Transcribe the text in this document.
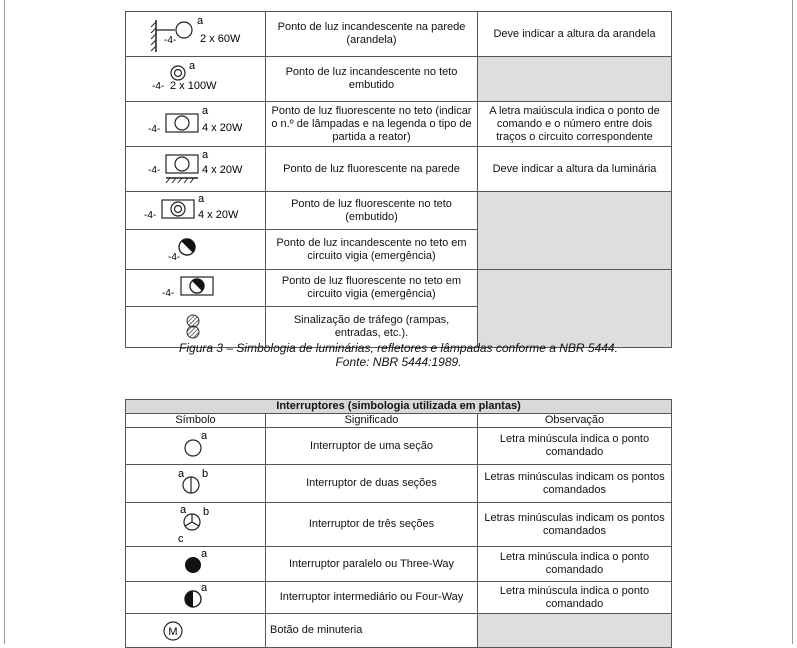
a
-4- 2 x 60W	Ponto de luz incandescente na parede (arandela)	Deve indicar a altura da arandela

a
-4- 2 x 100W	Ponto de luz incandescente no teto embutido	

a
-4- 4 x 20W	Ponto de luz fluorescente no teto (indicar o n.º de lâmpadas e na legenda o tipo de partida a reator)	A letra maiúscula indica o ponto de comando e o número entre dois traços o circuito correspondente

a
-4- 4 x 20W	Ponto de luz fluorescente na parede	Deve indicar a altura da luminária

a
-4- 4 x 20W	Ponto de luz fluorescente no teto (embutido)	

-4-	Ponto de luz incandescente no teto em circuito vigia (emergência)	

-4-	Ponto de luz fluorescente no teto em circuito vigia (emergência)	

	Sinalização de tráfego (rampas, entradas, etc.).	
Figura 3 – Simbologia de luminárias, refletores e lâmpadas conforme a NBR 5444.
Fonte: NBR 5444:1989.
Interruptores (simbologia utilizada em plantas)		
Símbolo	Significado	Observação

a	Interruptor de uma seção	Letra minúscula indica o ponto comandado

a b	Interruptor de duas seções	Letras minúsculas indicam os pontos comandados

a b
c	Interruptor de três seções	Letras minúsculas indicam os pontos comandados

a	Interruptor paralelo ou Three-Way	Letra minúscula indica o ponto comandado

a	Interruptor intermediário ou Four-Way	Letra minúscula indica o ponto comandado

M	Botão de minuteria	
